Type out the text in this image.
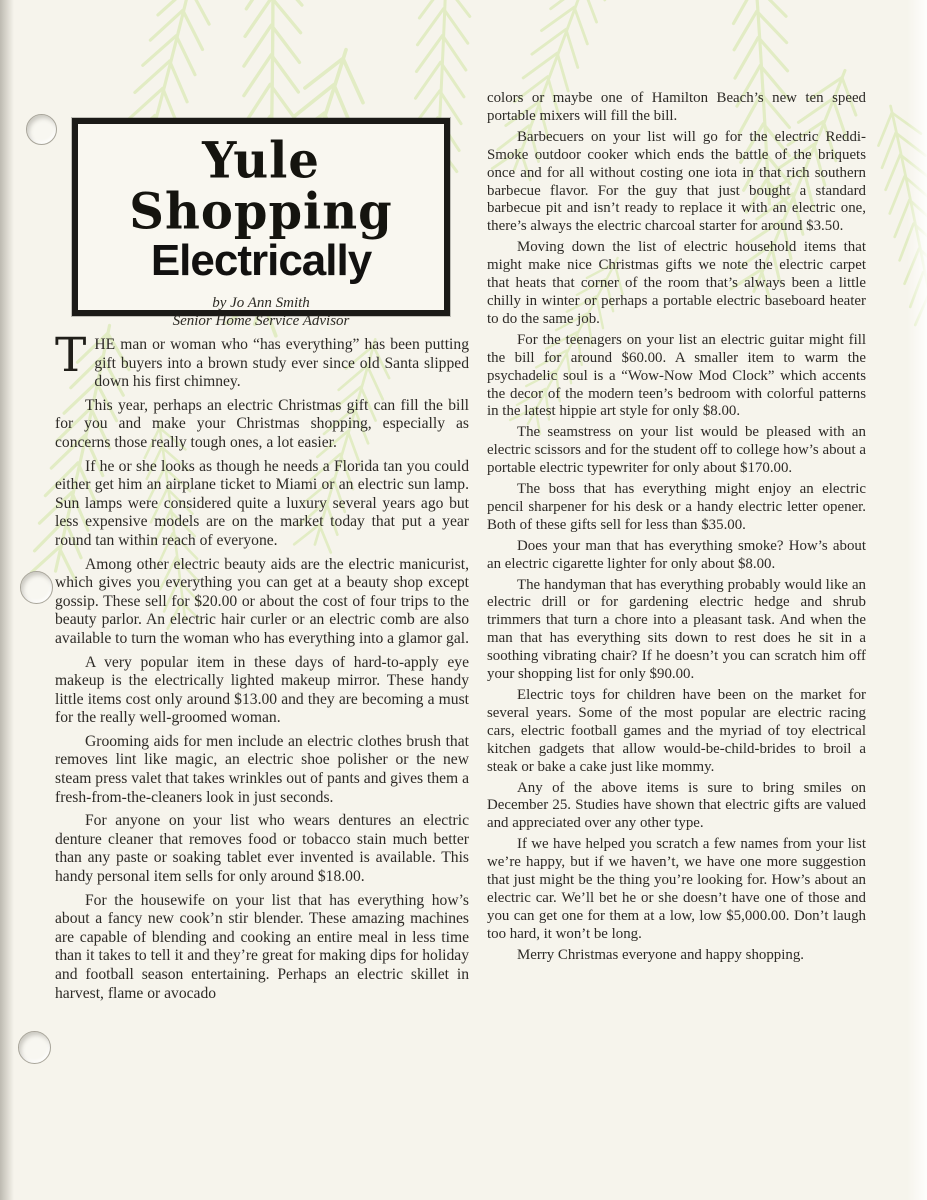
Yule Shopping
Electrically
by Jo Ann Smith
Senior Home Service Advisor

THE man or woman who “has everything” has been putting gift buyers into a brown study ever since old Santa slipped down his first chimney.

This year, perhaps an electric Christmas gift can fill the bill for you and make your Christmas shopping, especially as concerns those really tough ones, a lot easier.

If he or she looks as though he needs a Florida tan you could either get him an airplane ticket to Miami or an electric sun lamp. Sun lamps were considered quite a luxury several years ago but less expensive models are on the market today that put a year round tan within reach of everyone.

Among other electric beauty aids are the electric manicurist, which gives you everything you can get at a beauty shop except gossip. These sell for $20.00 or about the cost of four trips to the beauty parlor. An electric hair curler or an electric comb are also available to turn the woman who has everything into a glamor gal.

A very popular item in these days of hard-to-apply eye makeup is the electrically lighted makeup mirror. These handy little items cost only around $13.00 and they are becoming a must for the really well-groomed woman.

Grooming aids for men include an electric clothes brush that removes lint like magic, an electric shoe polisher or the new steam press valet that takes wrinkles out of pants and gives them a fresh-from-the-cleaners look in just seconds.

For anyone on your list who wears dentures an electric denture cleaner that removes food or tobacco stain much better than any paste or soaking tablet ever invented is available. This handy personal item sells for only around $18.00.

For the housewife on your list that has everything how’s about a fancy new cook’n stir blender. These amazing machines are capable of blending and cooking an entire meal in less time than it takes to tell it and they’re great for making dips for holiday and football season entertaining. Perhaps an electric skillet in harvest, flame or avocado

colors or maybe one of Hamilton Beach’s new ten speed portable mixers will fill the bill.

Barbecuers on your list will go for the electric Reddi-Smoke outdoor cooker which ends the battle of the briquets once and for all without costing one iota in that rich southern barbecue flavor. For the guy that just bought a standard barbecue pit and isn’t ready to replace it with an electric one, there’s always the electric charcoal starter for around $3.50.

Moving down the list of electric household items that might make nice Christmas gifts we note the electric carpet that heats that corner of the room that’s always been a little chilly in winter or perhaps a portable electric baseboard heater to do the same job.

For the teenagers on your list an electric guitar might fill the bill for around $60.00. A smaller item to warm the psychadelic soul is a “Wow-Now Mod Clock” which accents the decor of the modern teen’s bedroom with colorful patterns in the latest hippie art style for only $8.00.

The seamstress on your list would be pleased with an electric scissors and for the student off to college how’s about a portable electric typewriter for only about $170.00.

The boss that has everything might enjoy an electric pencil sharpener for his desk or a handy electric letter opener. Both of these gifts sell for less than $35.00.

Does your man that has everything smoke? How’s about an electric cigarette lighter for only about $8.00.

The handyman that has everything probably would like an electric drill or for gardening electric hedge and shrub trimmers that turn a chore into a pleasant task. And when the man that has everything sits down to rest does he sit in a soothing vibrating chair? If he doesn’t you can scratch him off your shopping list for only $90.00.

Electric toys for children have been on the market for several years. Some of the most popular are electric racing cars, electric football games and the myriad of toy electrical kitchen gadgets that allow would-be-child-brides to broil a steak or bake a cake just like mommy.

Any of the above items is sure to bring smiles on December 25. Studies have shown that electric gifts are valued and appreciated over any other type.

If we have helped you scratch a few names from your list we’re happy, but if we haven’t, we have one more suggestion that just might be the thing you’re looking for. How’s about an electric car. We’ll bet he or she doesn’t have one of those and you can get one for them at a low, low $5,000.00. Don’t laugh too hard, it won’t be long.

Merry Christmas everyone and happy shopping.
